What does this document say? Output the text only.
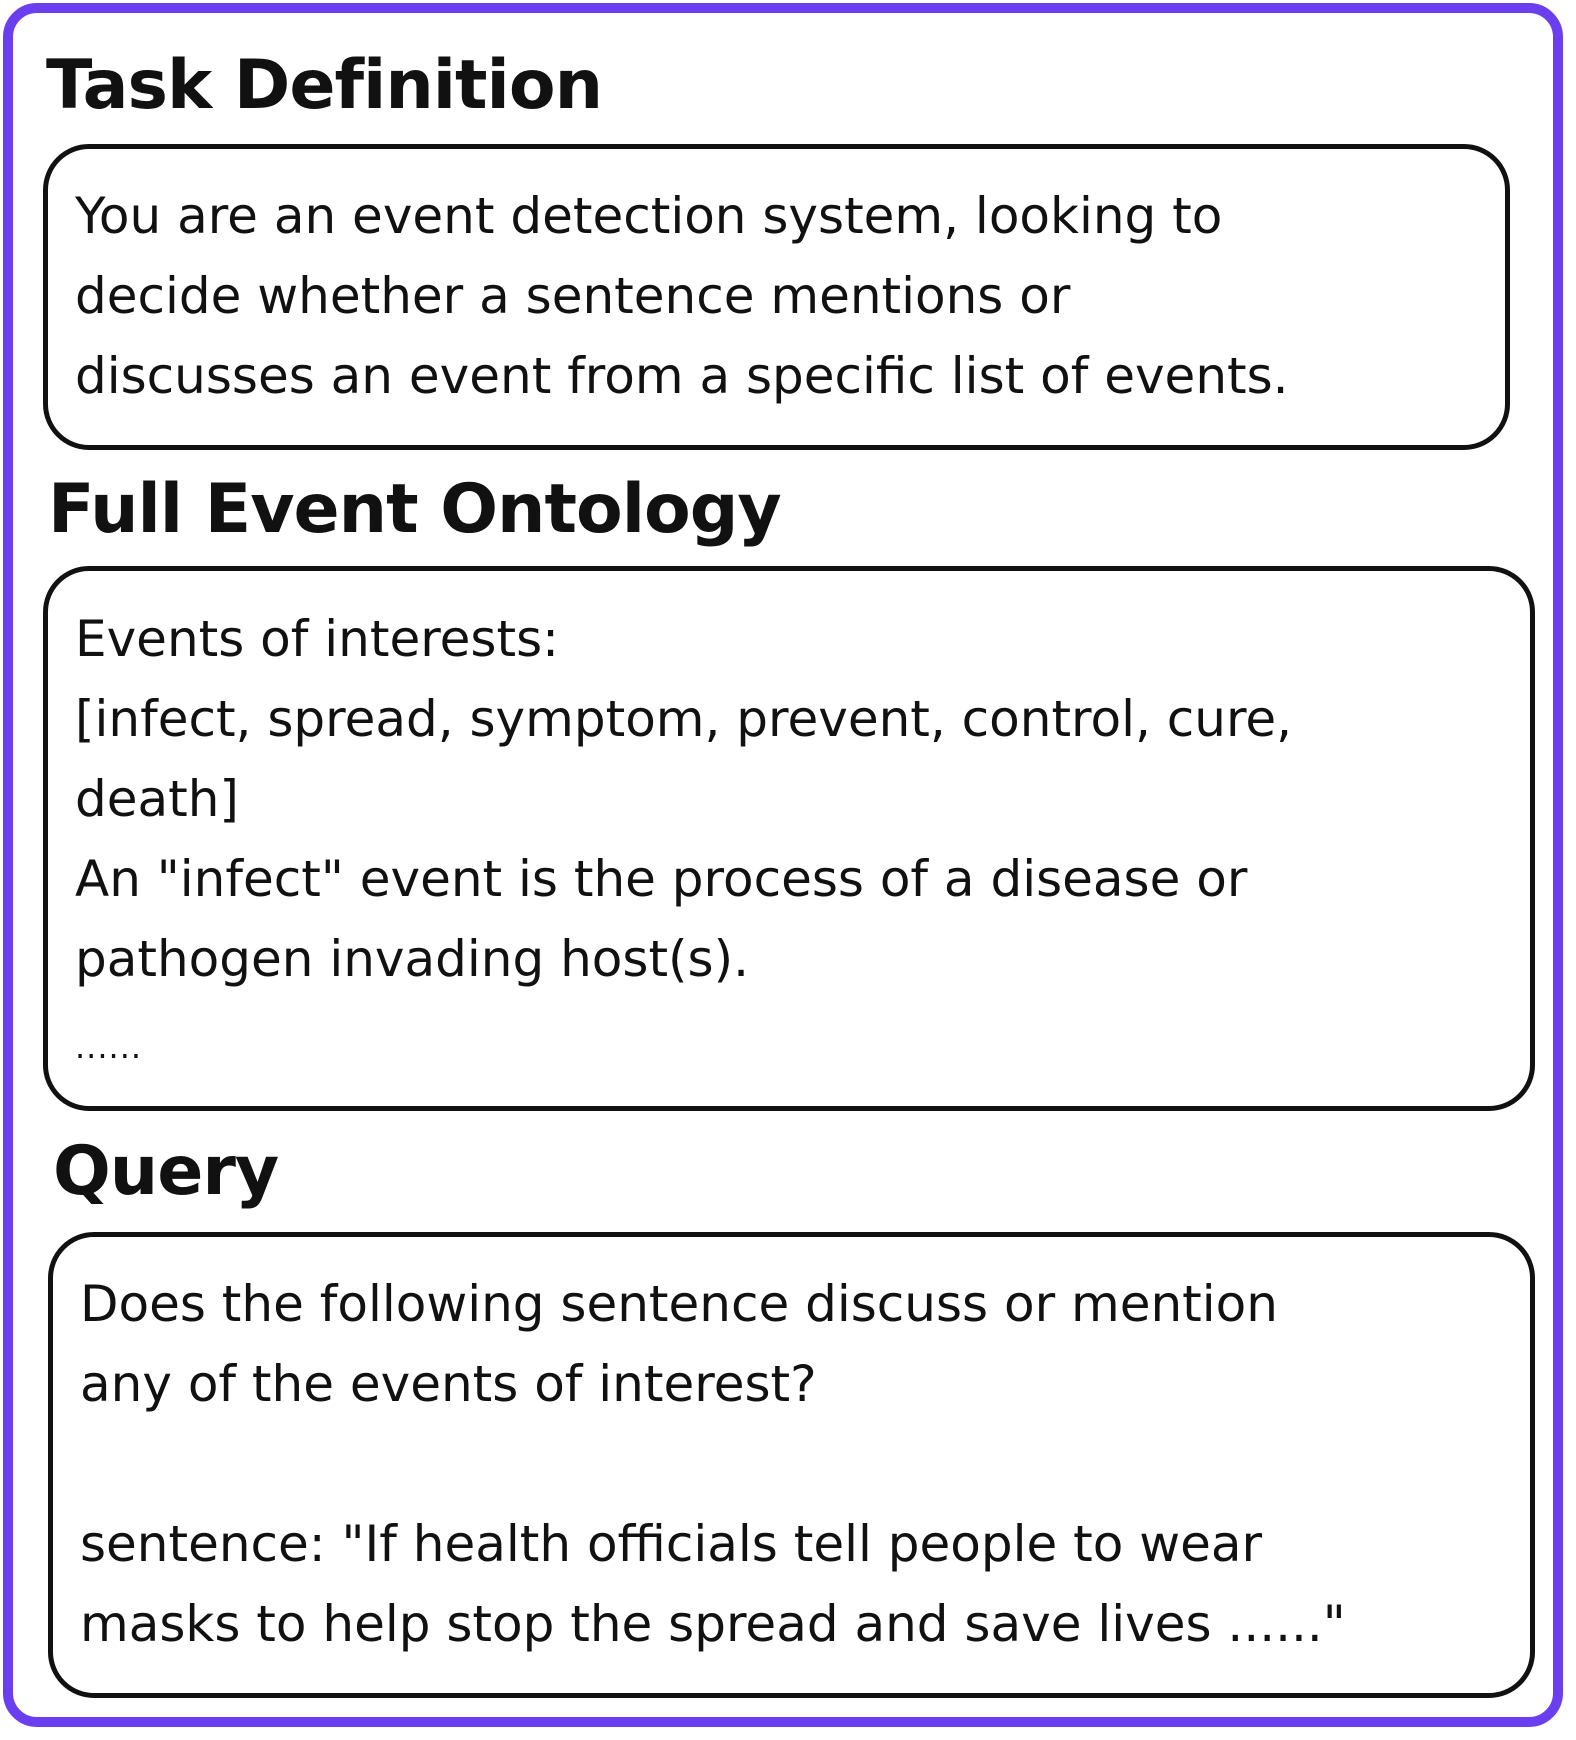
Task Definition

You are an event detection system, looking to

decide whether a sentence mentions or

discusses an event from a specific list of events.

Full Event Ontology

Events of interests:

[infect, spread, symptom, prevent, control, cure,

death]

An "infect" event is the process of a disease or

pathogen invading host(s).

......

Query

Does the following sentence discuss or mention

any of the events of interest?

sentence: "If health officials tell people to wear

masks to help stop the spread and save lives ......"
